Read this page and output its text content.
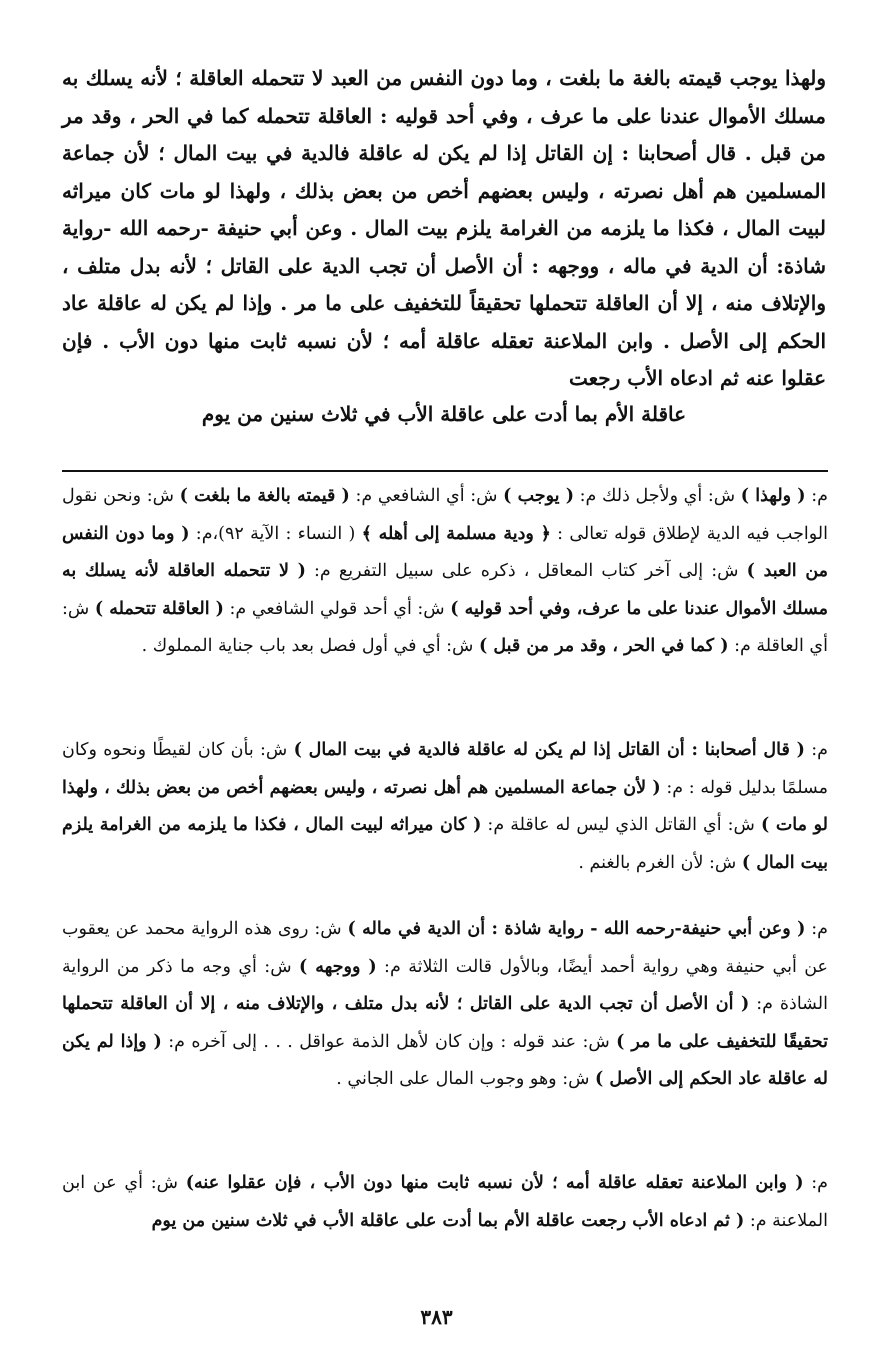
ولهذا يوجب قيمته بالغة ما بلغت ، وما دون النفس من العبد لا تتحمله العاقلة ؛ لأنه يسلك به مسلك الأموال عندنا على ما عرف ، وفي أحد قوليه : العاقلة تتحمله كما في الحر ، وقد مر من قبل . قال أصحابنا : إن القاتل إذا لم يكن له عاقلة فالدية في بيت المال ؛ لأن جماعة المسلمين هم أهل نصرته ، وليس بعضهم أخص من بعض بذلك ، ولهذا لو مات كان ميراثه لبيت المال ، فكذا ما يلزمه من الغرامة يلزم بيت المال . وعن أبي حنيفة -رحمه الله -رواية شاذة: أن الدية في ماله ، ووجهه : أن الأصل أن تجب الدية على القاتل ؛ لأنه بدل متلف ، والإتلاف منه ، إلا أن العاقلة تتحملها تحقيقاً للتخفيف على ما مر . وإذا لم يكن له عاقلة عاد الحكم إلى الأصل . وابن الملاعنة تعقله عاقلة أمه ؛ لأن نسبه ثابت منها دون الأب . فإن عقلوا عنه ثم ادعاه الأب رجعت

عاقلة الأم بما أدت على عاقلة الأب في ثلاث سنين من يوم

م: ( ولهذا ) ش: أي ولأجل ذلك م: ( يوجب ) ش: أي الشافعي م: ( قيمته بالغة ما بلغت ) ش: ونحن نقول الواجب فيه الدية لإطلاق قوله تعالى : ﴿ ودية مسلمة إلى أهله ﴾ ( النساء : الآية ٩٢)،م: ( وما دون النفس من العبد ) ش: إلى آخر كتاب المعاقل ، ذكره على سبيل التفريع م: ( لا تتحمله العاقلة لأنه يسلك به مسلك الأموال عندنا على ما عرف، وفي أحد قوليه ) ش: أي أحد قولي الشافعي م: ( العاقلة تتحمله ) ش: أي العاقلة م: ( كما في الحر ، وقد مر من قبل ) ش: أي في أول فصل بعد باب جناية المملوك .

م: ( قال أصحابنا : أن القاتل إذا لم يكن له عاقلة فالدية في بيت المال ) ش: بأن كان لقيطًا ونحوه وكان مسلمًا بدليل قوله : م: ( لأن جماعة المسلمين هم أهل نصرته ، وليس بعضهم أخص من بعض بذلك ، ولهذا لو مات ) ش: أي القاتل الذي ليس له عاقلة م: ( كان ميراثه لبيت المال ، فكذا ما يلزمه من الغرامة يلزم بيت المال ) ش: لأن الغرم بالغنم .

م: ( وعن أبي حنيفة-رحمه الله - رواية شاذة : أن الدية في ماله ) ش: روى هذه الرواية محمد عن يعقوب عن أبي حنيفة وهي رواية أحمد أيضًا، وبالأول قالت الثلاثة م: ( ووجهه ) ش: أي وجه ما ذكر من الرواية الشاذة م: ( أن الأصل أن تجب الدية على القاتل ؛ لأنه بدل متلف ، والإتلاف منه ، إلا أن العاقلة تتحملها تحقيقًا للتخفيف على ما مر ) ش: عند قوله : وإن كان لأهل الذمة عواقل . . . إلى آخره م: ( وإذا لم يكن له عاقلة عاد الحكم إلى الأصل ) ش: وهو وجوب المال على الجاني .

م: ( وابن الملاعنة تعقله عاقلة أمه ؛ لأن نسبه ثابت منها دون الأب ، فإن عقلوا عنه) ش: أي عن ابن الملاعنة م: ( ثم ادعاه الأب رجعت عاقلة الأم بما أدت على عاقلة الأب في ثلاث سنين من يوم

٣٨٣
